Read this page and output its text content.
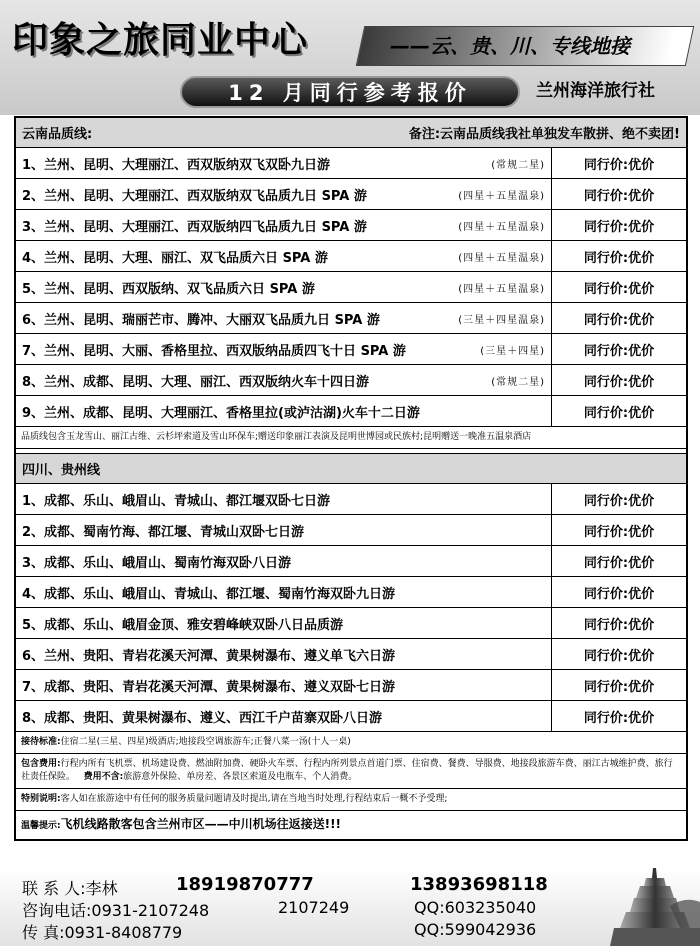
印象之旅同业中心	——云、贵、川、专线地接
12 月同行参考报价	兰州海洋旅行社
云南品质线:	备注:云南品质线我社单独发车散拼、绝不卖团!
1、兰州、昆明、大理丽江、西双版纳双飞双卧九日游	(常规二星)	同行价:优价
2、兰州、昆明、大理丽江、西双版纳双飞品质九日 SPA 游	(四星＋五星温泉)	同行价:优价
3、兰州、昆明、大理丽江、西双版纳四飞品质九日 SPA 游	(四星＋五星温泉)	同行价:优价
4、兰州、昆明、大理、丽江、双飞品质六日 SPA 游	(四星＋五星温泉)	同行价:优价
5、兰州、昆明、西双版纳、双飞品质六日 SPA 游	(四星＋五星温泉)	同行价:优价
6、兰州、昆明、瑞丽芒市、腾冲、大丽双飞品质九日 SPA 游	(三星＋四星温泉)	同行价:优价
7、兰州、昆明、大丽、香格里拉、西双版纳品质四飞十日 SPA 游	(三星＋四星)	同行价:优价
8、兰州、成都、昆明、大理、丽江、西双版纳火车十四日游	(常规二星)	同行价:优价
9、兰州、成都、昆明、大理丽江、香格里拉(或泸沽湖)火车十二日游	同行价:优价
品质线包含玉龙雪山、丽江古维、云杉坪索道及雪山环保车;赠送印象丽江表演及昆明世博园或民族村;昆明赠送一晚准五温泉酒店
四川、贵州线
1、成都、乐山、峨眉山、青城山、都江堰双卧七日游	同行价:优价
2、成都、蜀南竹海、都江堰、青城山双卧七日游	同行价:优价
3、成都、乐山、峨眉山、蜀南竹海双卧八日游	同行价:优价
4、成都、乐山、峨眉山、青城山、都江堰、蜀南竹海双卧九日游	同行价:优价
5、成都、乐山、峨眉金顶、雅安碧峰峡双卧八日品质游	同行价:优价
6、兰州、贵阳、青岩花溪天河潭、黄果树瀑布、遵义单飞六日游	同行价:优价
7、成都、贵阳、青岩花溪天河潭、黄果树瀑布、遵义双卧七日游	同行价:优价
8、成都、贵阳、黄果树瀑布、遵义、西江千户苗寨双卧八日游	同行价:优价
接待标准:住宿二星(三星、四星)级酒店;地接段空调旅游车;正餐八菜一汤(十人一桌)
包含费用:行程内所有飞机票、机场建设费、燃油附加费、硬卧火车票、行程内所列景点首道门票、住宿费、餐费、导服费、地接段旅游车费、丽江古城维护费、旅行社责任保险。 费用不含:旅游意外保险、单房差、各景区索道及电瓶车、个人消费。
特别说明:客人如在旅游途中有任何的服务质量问题请及时提出,请在当地当时处理,行程结束后一概不予受理;
温馨提示:飞机线路散客包含兰州市区——中川机场往返接送!!!
联 系 人:李林	18919870777	13893698118
咨询电话:0931-2107248	2107249	QQ:603235040
传 真:0931-8408779	QQ:599042936
